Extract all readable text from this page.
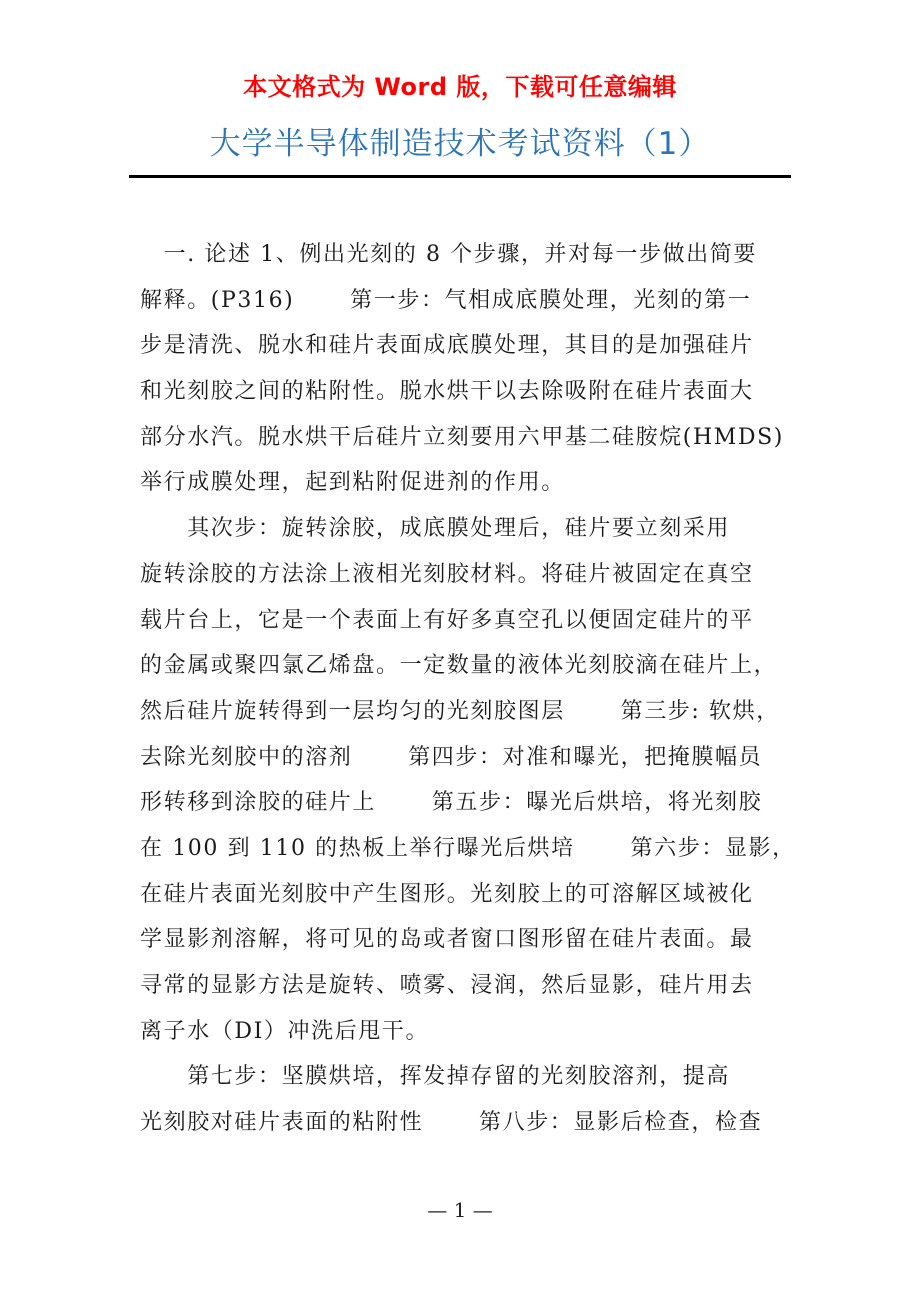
本文格式为 Word 版，下载可任意编辑
大学半导体制造技术考试资料（1）
　一. 论述 1、例出光刻的 8 个步骤，并对每一步做出简要
解释。(P316)　　 第一步：气相成底膜处理，光刻的第一
步是清洗、脱水和硅片表面成底膜处理，其目的是加强硅片
和光刻胶之间的粘附性。脱水烘干以去除吸附在硅片表面大
部分水汽。脱水烘干后硅片立刻要用六甲基二硅胺烷(HMDS)
举行成膜处理，起到粘附促进剂的作用。
　　其次步：旋转涂胶，成底膜处理后，硅片要立刻采用
旋转涂胶的方法涂上液相光刻胶材料。将硅片被固定在真空
载片台上，它是一个表面上有好多真空孔以便固定硅片的平
的金属或聚四氯乙烯盘。一定数量的液体光刻胶滴在硅片上，
然后硅片旋转得到一层均匀的光刻胶图层　　 第三步: 软烘，
去除光刻胶中的溶剂　　 第四步：对准和曝光，把掩膜幅员
形转移到涂胶的硅片上　　 第五步：曝光后烘培，将光刻胶
在 100 到 110 的热板上举行曝光后烘培　　 第六步：显影，
在硅片表面光刻胶中产生图形。光刻胶上的可溶解区域被化
学显影剂溶解，将可见的岛或者窗口图形留在硅片表面。最
寻常的显影方法是旋转、喷雾、浸润，然后显影，硅片用去
离子水（DI）冲洗后甩干。
　　第七步：坚膜烘培，挥发掉存留的光刻胶溶剂，提高
光刻胶对硅片表面的粘附性　　 第八步：显影后检查，检查
— 1 —
